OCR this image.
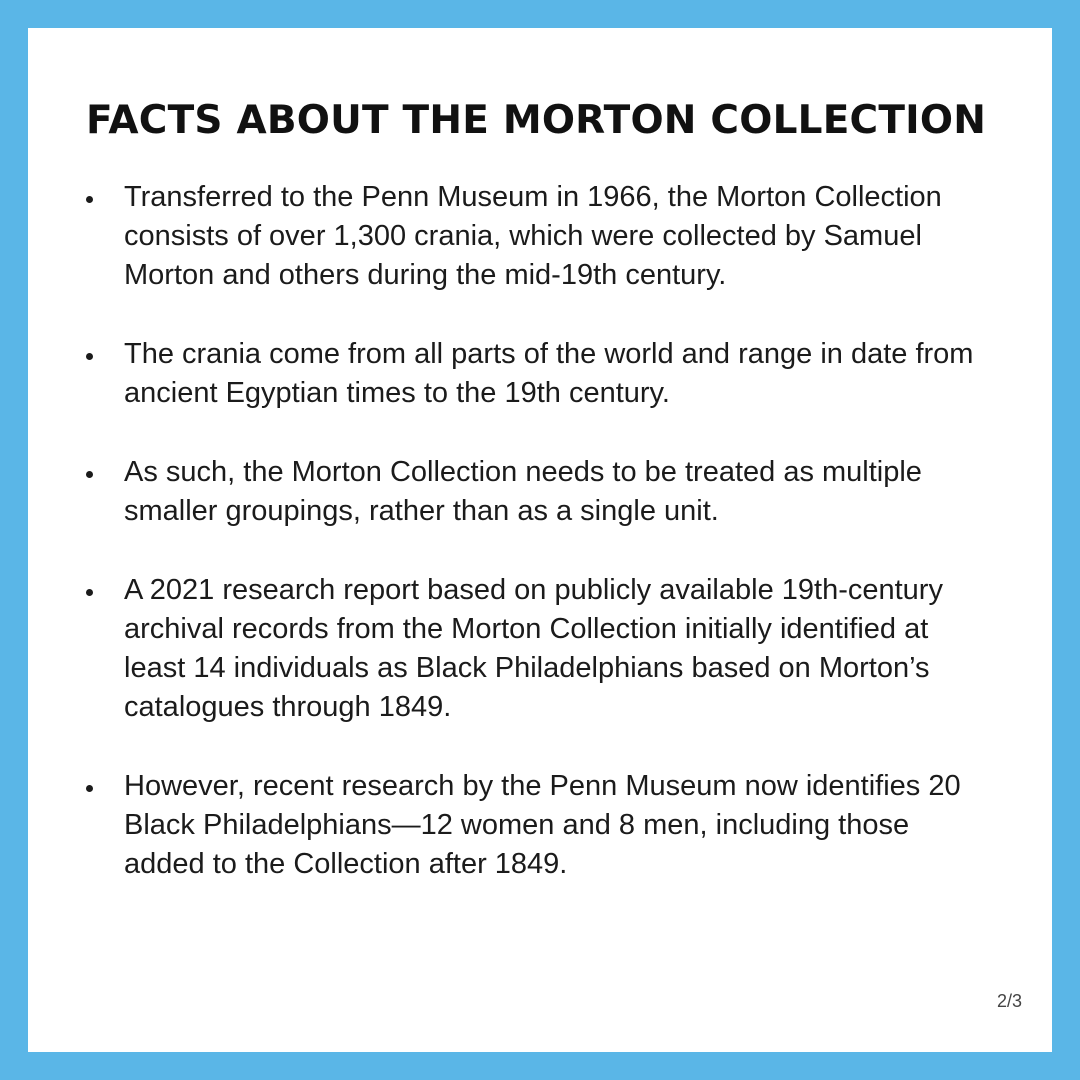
FACTS ABOUT THE MORTON COLLECTION
Transferred to the Penn Museum in 1966, the Morton Collection consists of over 1,300 crania, which were collected by Samuel Morton and others during the mid-19th century.
The crania come from all parts of the world and range in date from ancient Egyptian times to the 19th century.
As such, the Morton Collection needs to be treated as multiple smaller groupings, rather than as a single unit.
A 2021 research report based on publicly available 19th-century archival records from the Morton Collection initially identified at least 14 individuals as Black Philadelphians based on Morton’s catalogues through 1849.
However, recent research by the Penn Museum now identifies 20 Black Philadelphians—12 women and 8 men, including those added to the Collection after 1849.
2/3
